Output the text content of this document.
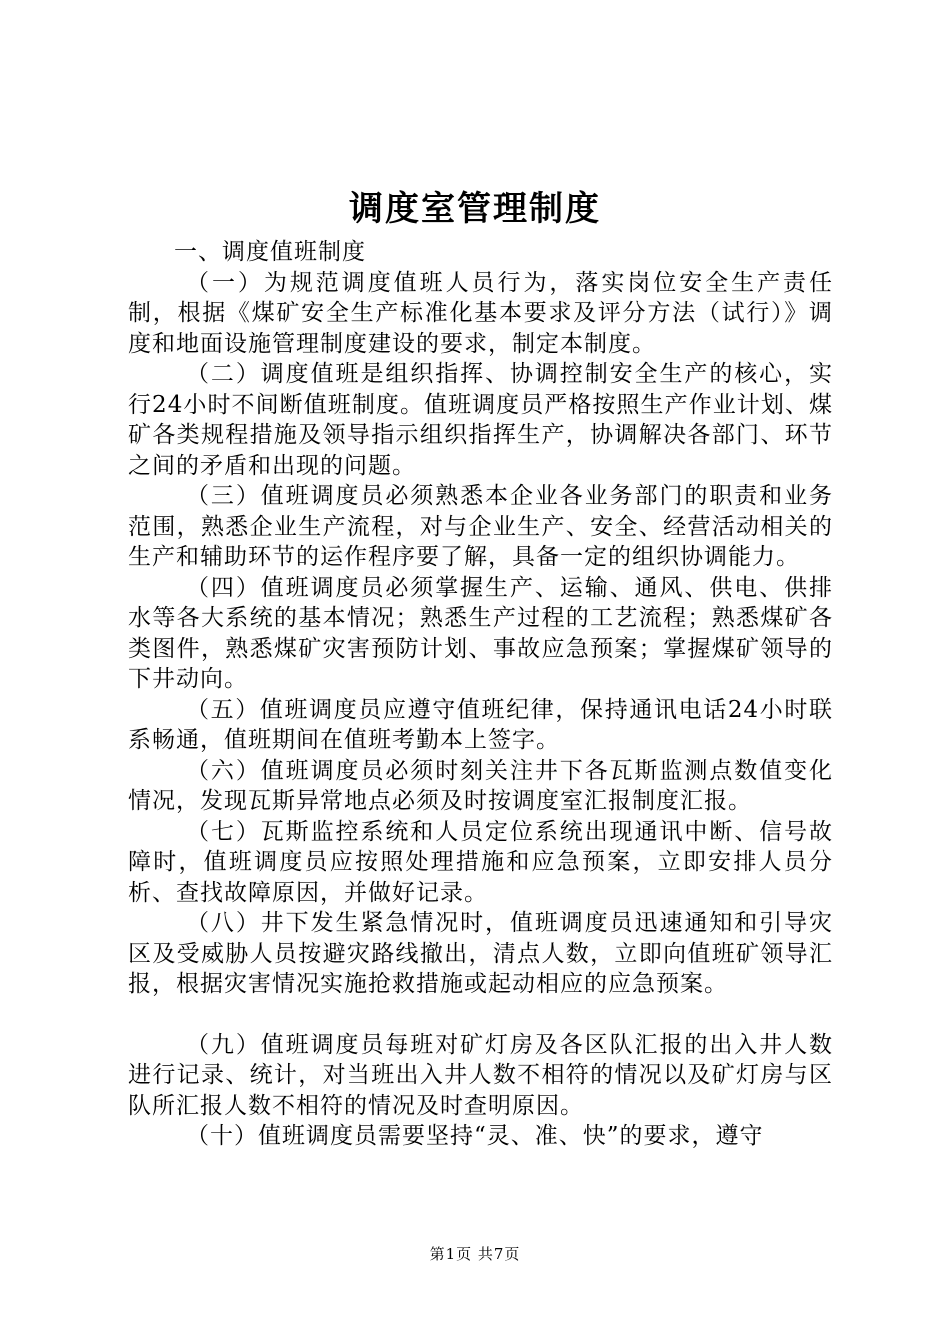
调度室管理制度

一、调度值班制度

（一）为规范调度值班人员行为，落实岗位安全生产责任制，根据《煤矿安全生产标准化基本要求及评分方法（试行）》调度和地面设施管理制度建设的要求，制定本制度。

（二）调度值班是组织指挥、协调控制安全生产的核心，实行24小时不间断值班制度。值班调度员严格按照生产作业计划、煤矿各类规程措施及领导指示组织指挥生产，协调解决各部门、环节之间的矛盾和出现的问题。

（三）值班调度员必须熟悉本企业各业务部门的职责和业务范围，熟悉企业生产流程，对与企业生产、安全、经营活动相关的生产和辅助环节的运作程序要了解，具备一定的组织协调能力。

（四）值班调度员必须掌握生产、运输、通风、供电、供排水等各大系统的基本情况；熟悉生产过程的工艺流程；熟悉煤矿各类图件，熟悉煤矿灾害预防计划、事故应急预案；掌握煤矿领导的下井动向。

（五）值班调度员应遵守值班纪律，保持通讯电话24小时联系畅通，值班期间在值班考勤本上签字。

（六）值班调度员必须时刻关注井下各瓦斯监测点数值变化情况，发现瓦斯异常地点必须及时按调度室汇报制度汇报。

（七）瓦斯监控系统和人员定位系统出现通讯中断、信号故障时，值班调度员应按照处理措施和应急预案，立即安排人员分析、查找故障原因，并做好记录。

（八）井下发生紧急情况时，值班调度员迅速通知和引导灾区及受威胁人员按避灾路线撤出，清点人数，立即向值班矿领导汇报，根据灾害情况实施抢救措施或起动相应的应急预案。

（九）值班调度员每班对矿灯房及各区队汇报的出入井人数进行记录、统计，对当班出入井人数不相符的情况以及矿灯房与区队所汇报人数不相符的情况及时查明原因。

（十）值班调度员需要坚持“灵、准、快”的要求，遵守

第1页 共7页
